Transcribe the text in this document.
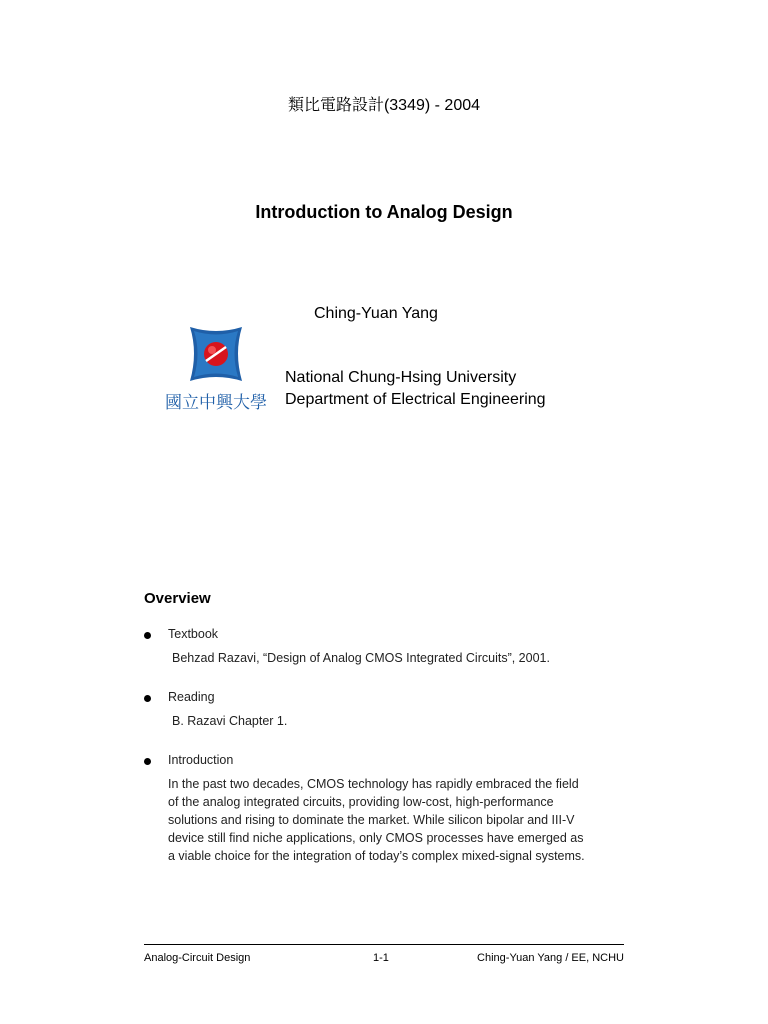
類比電路設計(3349) - 2004
Introduction to Analog Design
Ching-Yuan Yang
國立中興大學
National Chung-Hsing University
Department of Electrical Engineering
Overview
Textbook
Behzad Razavi, “Design of Analog CMOS Integrated Circuits”, 2001.
Reading
B. Razavi Chapter 1.
Introduction
In the past two decades, CMOS technology has rapidly embraced the field
of the analog integrated circuits, providing low-cost, high-performance
solutions and rising to dominate the market. While silicon bipolar and III-V
device still find niche applications, only CMOS processes have emerged as
a viable choice for the integration of today’s complex mixed-signal systems.
Analog-Circuit Design	1-1	Ching-Yuan Yang / EE, NCHU
